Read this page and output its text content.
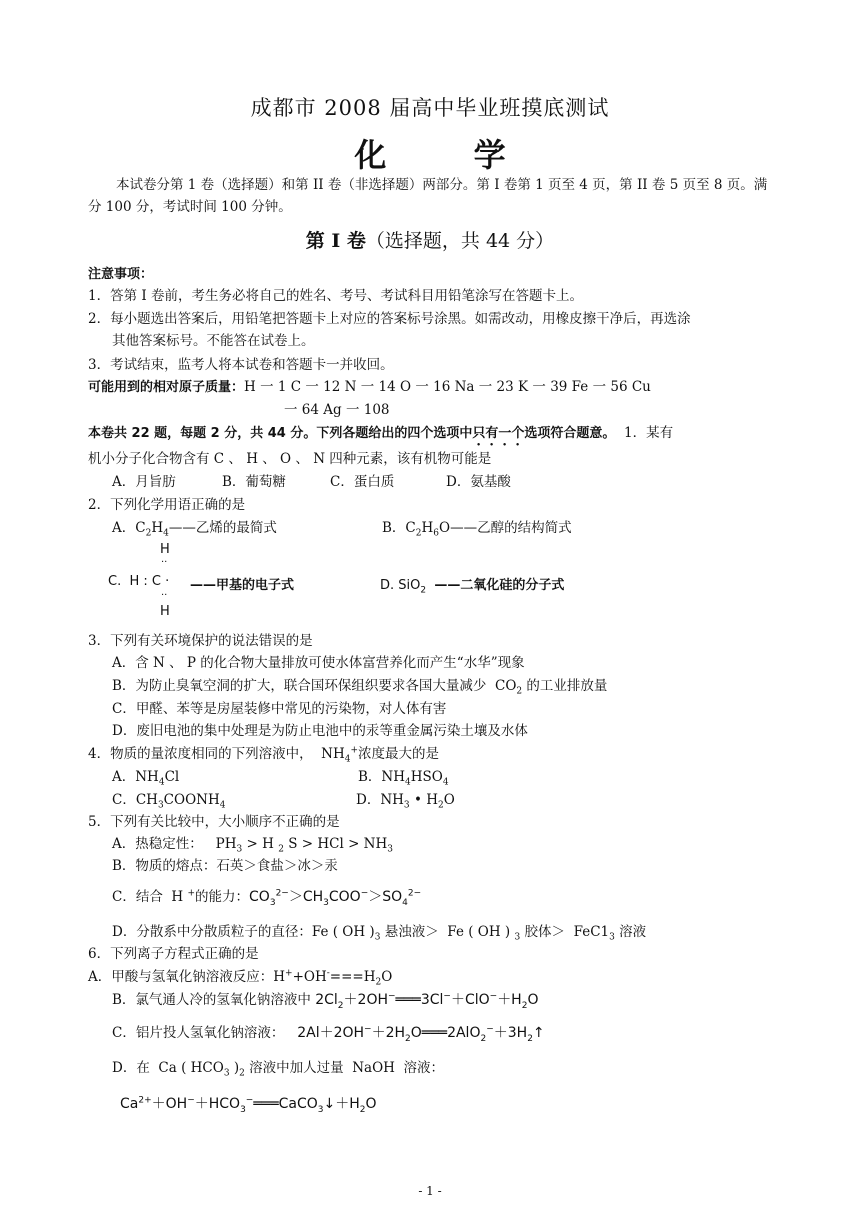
成都市 2008 届高中毕业班摸底测试
化 学
本试卷分第 1 卷（选择题）和第 II 卷（非选择题）两部分。第 I 卷第 1 页至 4 页，第 II 卷 5 页至 8 页。满分 100 分，考试时间 100 分钟。
第 I 卷（选择题，共 44 分）
注意事项：
1．答第 I 卷前，考生务必将自己的姓名、考号、考试科目用铅笔涂写在答题卡上。
2．每小题选出答案后，用铅笔把答题卡上对应的答案标号涂黑。如需改动，用橡皮擦干净后，再选涂
其他答案标号。不能答在试卷上。
3．考试结束，监考人将本试卷和答题卡一并收回。
可能用到的相对原子质量：H 一 1 C 一 12 N 一 14 O 一 16 Na 一 23 K 一 39 Fe 一 56 Cu
一 64 Ag 一 108
本卷共 22 题，每题 2 分，共 44 分。下列各题给出的四个选项中只有一个选项符合题意。 1．某有
机小分子化合物含有 C 、 H 、 O 、 N 四种元素，该有机物可能是
A．月旨肪	B．葡萄糖	C．蛋白质	D．氨基酸
2．下列化学用语正确的是
A．$C_2H_4——$乙烯的最简式	B．$C_2H_6O——$乙醇的结构简式
H
··
C.  H : C ·
··
H
——甲基的电子式	D. SiO$_2$ ——二氧化硅的分子式
3．下列有关环境保护的说法错误的是
A．含 N 、 P 的化合物大量排放可使水体富营养化而产生“水华”现象
B．为防止臭氧空洞的扩大，联合国环保组织要求各国大量减少  $CO_2$ 的工业排放量
C．甲醛、苯等是房屋装修中常见的污染物，对人体有害
D．废旧电池的集中处理是为防止电池中的汞等重金属污染土壤及水体
4．物质的量浓度相同的下列溶液中，  $NH_4^+$浓度最大的是
A．$NH_4Cl$	B．$NH_4HSO_4$
C．$CH_3COONH_4$	D．$NH_3$ • $H_2O$
5．下列有关比较中，大小顺序不正确的是
A．热稳定性：   $PH_3 > H$ $_2$ S > HCl > $NH_3$
B．物质的熔点：石英＞食盐＞冰＞汞
C．结合  H +的能力：$CO_3^{2-}>CH_3COO^->SO_4^{2-}$
D．分散系中分散质粒子的直径：Fe ( OH )$_3$ 悬浊液＞  Fe ( OH ) $_3$ 胶体＞  $FeC1_3$ 溶液
6．下列离子方程式正确的是
A．甲酸与氢氧化钠溶液反应：$H^++OH^-===H_2O$
B．氯气通人冷的氢氧化钠溶液中 $2Cl_2+2OH^-═══3Cl^-+ClO^-+H_2O$
C．铝片投人氢氧化钠溶液： $2Al+2OH^-+2H_2O═══2AlO_2^-+3H_2↑$
D．在  Ca ( $HCO_3$ )$_2$ 溶液中加人过量  NaOH  溶液：
$Ca^{2+}+OH^-+HCO_3^-═══CaCO_3↓+H_2O$
- 1 -
